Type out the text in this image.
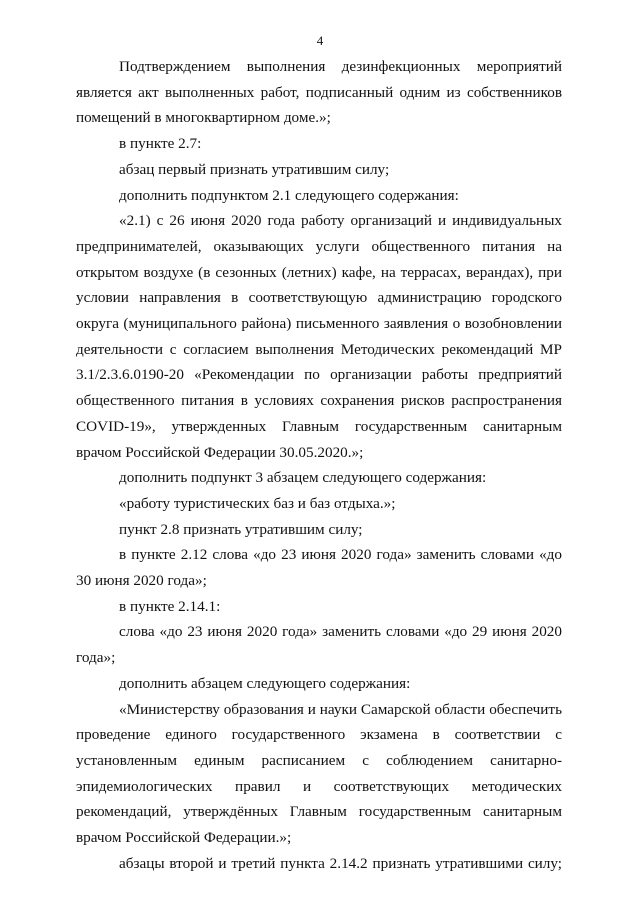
4

Подтверждением выполнения дезинфекционных мероприятий является акт выполненных работ, подписанный одним из собственников помещений в многоквартирном доме.»;

в пункте 2.7:

абзац первый признать утратившим силу;

дополнить подпунктом 2.1 следующего содержания:

«2.1) с 26 июня 2020 года работу организаций и индивидуальных предпринимателей, оказывающих услуги общественного питания на открытом воздухе (в сезонных (летних) кафе, на террасах, верандах), при условии направления в соответствующую администрацию городского округа (муниципального района) письменного заявления о возобновлении деятельности с согласием выполнения Методических рекомендаций МР 3.1/2.3.6.0190-20 «Рекомендации по организации работы предприятий общественного питания в условиях сохранения рисков распространения COVID-19», утвержденных Главным государственным санитарным врачом Российской Федерации 30.05.2020.»;

дополнить подпункт 3 абзацем следующего содержания:

«работу туристических баз и баз отдыха.»;

пункт 2.8 признать утратившим силу;

в пункте 2.12 слова «до 23 июня 2020 года» заменить словами «до 30 июня 2020 года»;

в пункте 2.14.1:

слова «до 23 июня 2020 года» заменить словами «до 29 июня 2020 года»;

дополнить абзацем следующего содержания:

«Министерству образования и науки Самарской области обеспечить проведение единого государственного экзамена в соответствии с установленным единым расписанием с соблюдением санитарно-эпидемиологических правил и соответствующих методических рекомендаций, утверждённых Главным государственным санитарным врачом Российской Федерации.»;

абзацы второй и третий пункта 2.14.2 признать утратившими силу;
